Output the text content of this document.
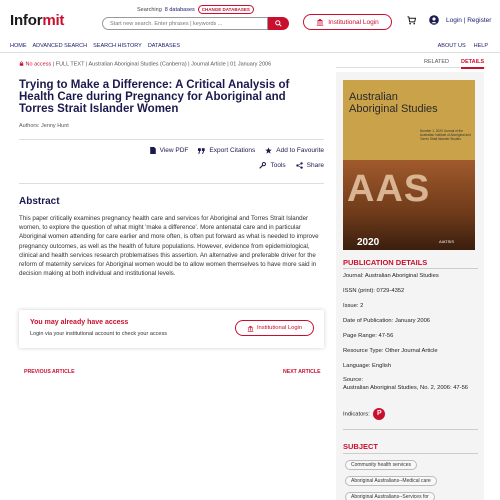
Informit
Searching 8 databases	CHANGE DATABASES
Start new search. Enter phrases | keywords ...	Institutional Login	Login | Register
HOME ADVANCED SEARCH SEARCH HISTORY DATABASES	ABOUT US HELP
No access | FULL TEXT | Australian Aboriginal Studies (Canberra) | Journal Article | 01 January 2006
Trying to Make a Difference: A Critical Analysis of Health Care during Pregnancy for Aboriginal and Torres Strait Islander Women
Authors: Jenny Hunt
View PDF	Export Citations	Add to Favourite
Tools	Share
Abstract
This paper critically examines pregnancy health care and services for Aboriginal and Torres Strait Islander women, to explore the question of what might 'make a difference'. More antenatal care and in particular Aboriginal women attending for care earlier and more often, is often put forward as what is needed to improve pregnancy outcomes, as well as the health of future populations. However, evidence from epidemiological, clinical and health services research problematises this assertion. An alternative and preferable driver for the reform of maternity services for Aboriginal women would be to allow women themselves to have more said in decision making at both individual and institutional levels.
You may already have access
Login via your institutional account to check your access
Institutional Login
PREVIOUS ARTICLE	NEXT ARTICLE
RELATED DETAILS
Australian
Aboriginal Studies
Number 1, 2020 Journal of the Australian Institute of Aboriginal and Torres Strait Islander Studies
AAS
2020	AIATSIS
PUBLICATION DETAILS
Journal: Australian Aboriginal Studies
ISSN (print): 0729-4352
Issue: 2
Date of Publication: January 2006
Page Range: 47-56
Resource Type: Other Journal Article
Language: English
Source:
Australian Aboriginal Studies, No. 2, 2006: 47-56
Indicators: P
SUBJECT
Community health services
Aboriginal Australians--Medical care
Aboriginal Australians--Services for
